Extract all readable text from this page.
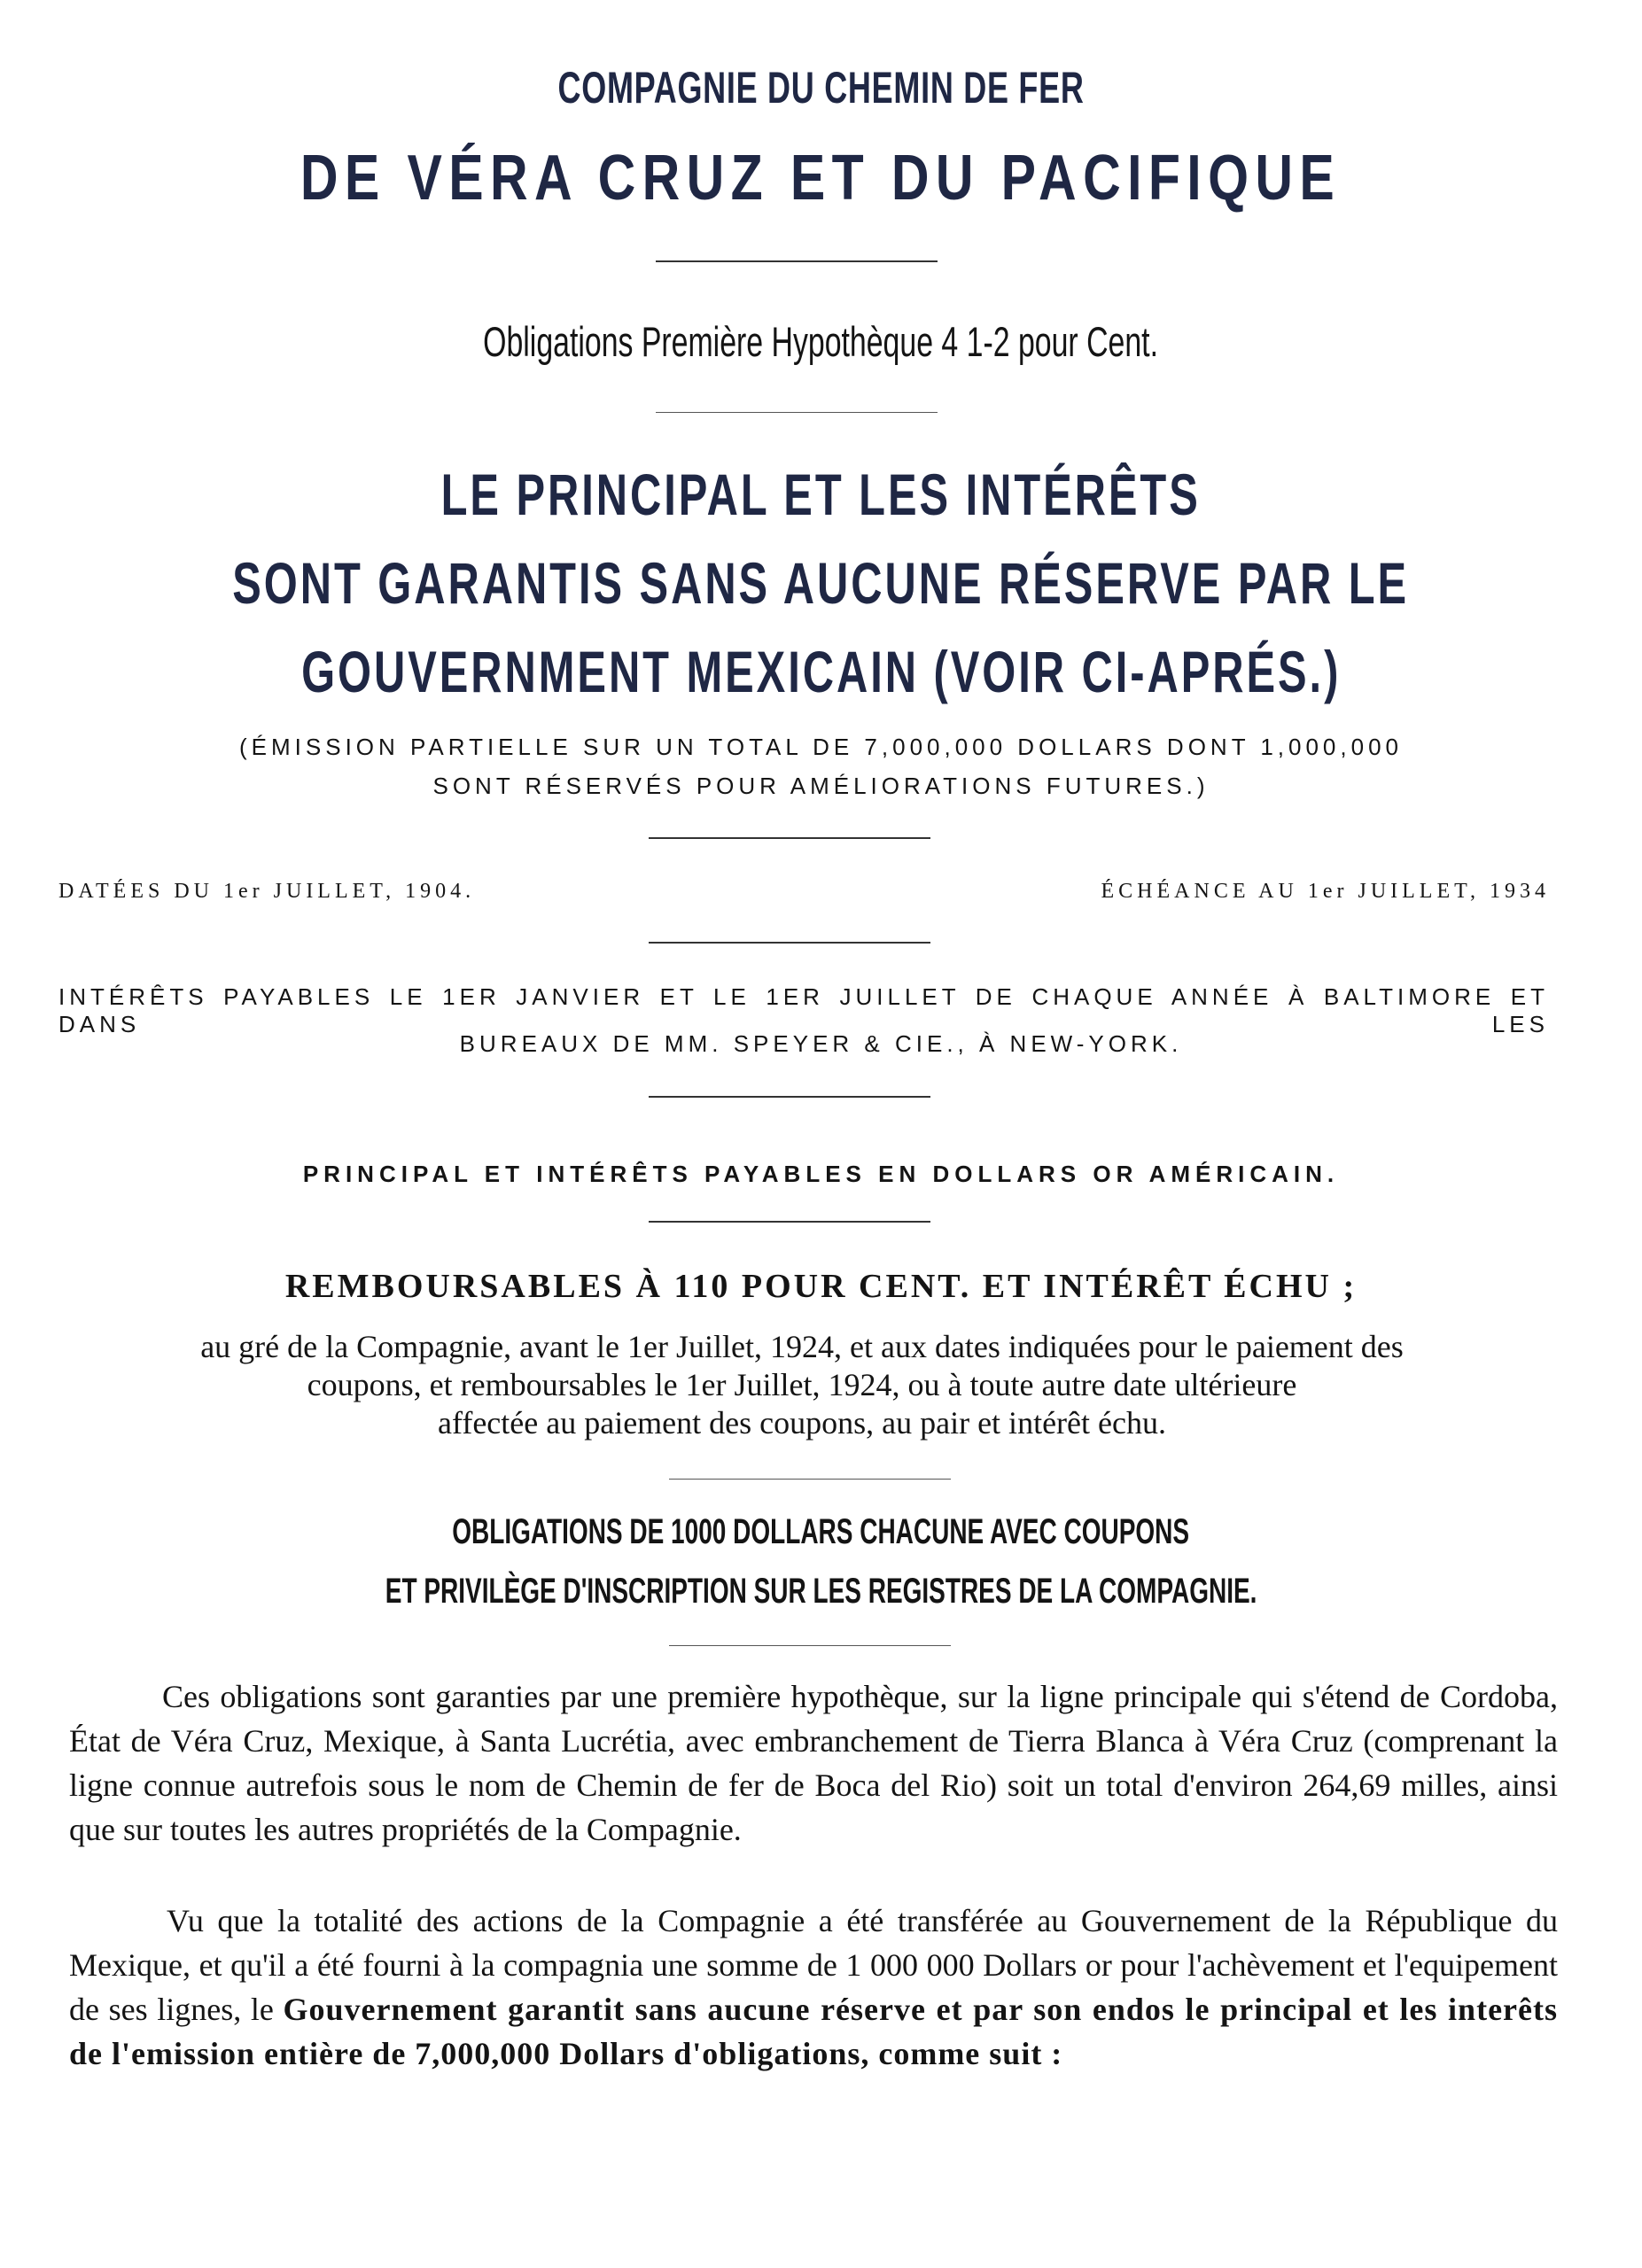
COMPAGNIE DU CHEMIN DE FER
DE VÉRA CRUZ ET DU PACIFIQUE
Obligations Première Hypothèque 4 1-2 pour Cent.
LE PRINCIPAL ET LES INTÉRÊTS
SONT GARANTIS SANS AUCUNE RÉSERVE PAR LE
GOUVERNMENT MEXICAIN (VOIR CI-APRÉS.)
(ÉMISSION PARTIELLE SUR UN TOTAL DE 7,000,000 DOLLARS DONT 1,000,000
SONT RÉSERVÉS POUR AMÉLIORATIONS FUTURES.)
DATÉES DU 1er JUILLET, 1904.	ÉCHÉANCE AU 1er JUILLET, 1934
INTÉRÊTS PAYABLES LE 1ER JANVIER ET LE 1ER JUILLET DE CHAQUE ANNÉE À BALTIMORE ET DANS LES
BUREAUX DE MM. SPEYER & CIE., À NEW-YORK.
PRINCIPAL ET INTÉRÊTS PAYABLES EN DOLLARS OR AMÉRICAIN.
REMBOURSABLES À 110 POUR CENT. ET INTÉRÊT ÉCHU ;
au gré de la Compagnie, avant le 1er Juillet, 1924, et aux dates indiquées pour le paiement des
coupons, et remboursables le 1er Juillet, 1924, ou à toute autre date ultérieure
affectée au paiement des coupons, au pair et intérêt échu.
OBLIGATIONS DE 1000 DOLLARS CHACUNE AVEC COUPONS
ET PRIVILÈGE D'INSCRIPTION SUR LES REGISTRES DE LA COMPAGNIE.
Ces obligations sont garanties par une première hypothèque, sur la ligne principale qui s'étend de Cordoba, État de Véra Cruz, Mexique, à Santa Lucrétia, avec embranchement de Tierra Blanca à Véra Cruz (comprenant la ligne connue autrefois sous le nom de Chemin de fer de Boca del Rio) soit un total d'environ 264,69 milles, ainsi que sur toutes les autres propriétés de la Compagnie.
Vu que la totalité des actions de la Compagnie a été transférée au Gouvernement de la République du Mexique, et qu'il a été fourni à la compagnia une somme de 1 000 000 Dollars or pour l'achèvement et l'equipement de ses lignes, le Gouvernement garantit sans aucune réserve et par son endos le principal et les interêts de l'emission entière de 7,000,000 Dollars d'obligations, comme suit :
